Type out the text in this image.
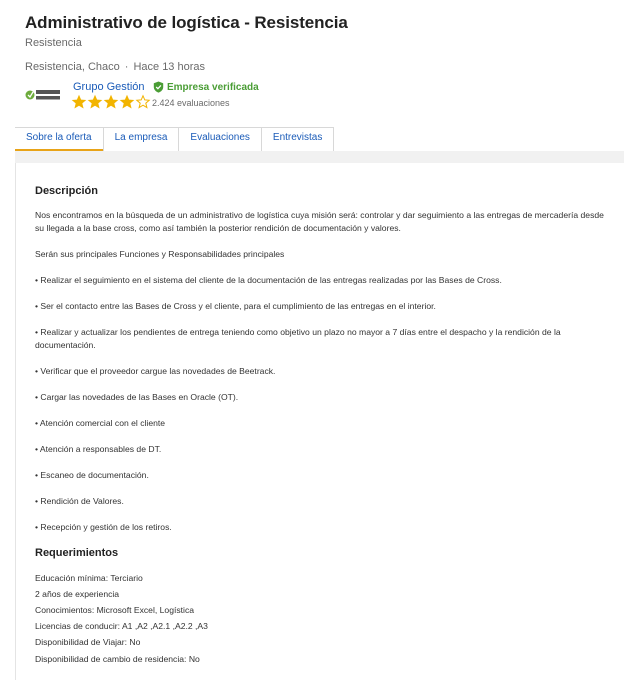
Administrativo de logística - Resistencia
Resistencia
Resistencia, Chaco · Hace 13 horas
Grupo Gestión Empresa verificada
2.424 evaluaciones
Sobre la oferta	La empresa	Evaluaciones	Entrevistas
Descripción
Nos encontramos en la búsqueda de un administrativo de logística cuya misión será: controlar y dar seguimiento a las entregas de mercadería desde su llegada a la base cross, como así también la posterior rendición de documentación y valores.
Serán sus principales Funciones y Responsabilidades principales
• Realizar el seguimiento en el sistema del cliente de la documentación de las entregas realizadas por las Bases de Cross.
• Ser el contacto entre las Bases de Cross y el cliente, para el cumplimiento de las entregas en el interior.
• Realizar y actualizar los pendientes de entrega teniendo como objetivo un plazo no mayor a 7 días entre el despacho y la rendición de la documentación.
• Verificar que el proveedor cargue las novedades de Beetrack.
• Cargar las novedades de las Bases en Oracle (OT).
• Atención comercial con el cliente
• Atención a responsables de DT.
• Escaneo de documentación.
• Rendición de Valores.
• Recepción y gestión de los retiros.
Requerimientos
Educación mínima: Terciario
2 años de experiencia
Conocimientos: Microsoft Excel, Logística
Licencias de conducir: A1 ,A2 ,A2.1 ,A2.2 ,A3
Disponibilidad de Viajar: No
Disponibilidad de cambio de residencia: No
